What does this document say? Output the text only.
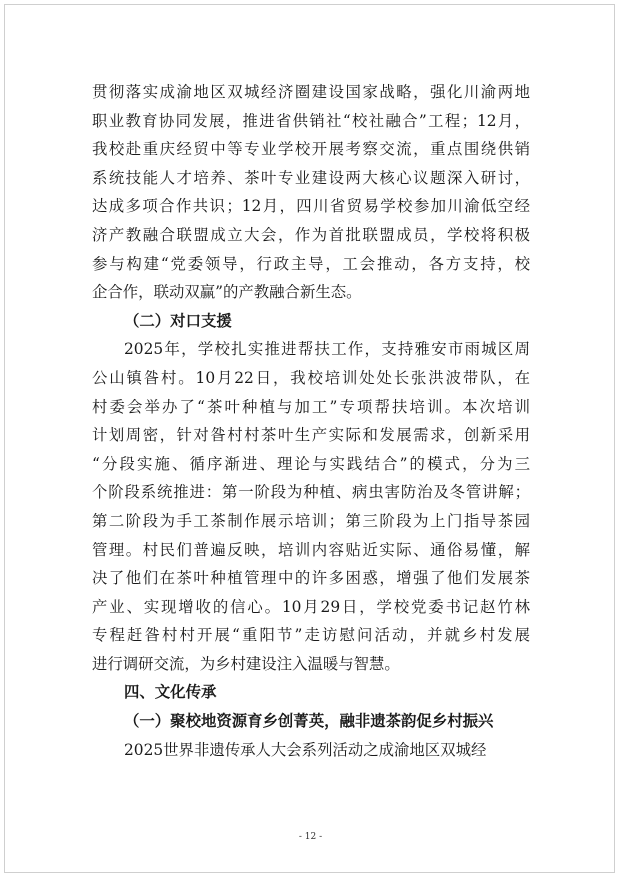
贯彻落实成渝地区双城经济圈建设国家战略，强化川渝两地
职业教育协同发展，推进省供销社“校社融合”工程；12月，
我校赴重庆经贸中等专业学校开展考察交流，重点围绕供销
系统技能人才培养、茶叶专业建设两大核心议题深入研讨，
达成多项合作共识；12月，四川省贸易学校参加川渝低空经
济产教融合联盟成立大会，作为首批联盟成员，学校将积极
参与构建“党委领导，行政主导，工会推动，各方支持，校
企合作，联动双赢”的产教融合新生态。
（二）对口支援
2025年，学校扎实推进帮扶工作，支持雅安市雨城区周
公山镇昝村。10月22日，我校培训处处长张洪波带队，在
村委会举办了“茶叶种植与加工”专项帮扶培训。本次培训
计划周密，针对昝村村茶叶生产实际和发展需求，创新采用
“分段实施、循序渐进、理论与实践结合”的模式，分为三
个阶段系统推进：第一阶段为种植、病虫害防治及冬管讲解；
第二阶段为手工茶制作展示培训；第三阶段为上门指导茶园
管理。村民们普遍反映，培训内容贴近实际、通俗易懂，解
决了他们在茶叶种植管理中的许多困惑，增强了他们发展茶
产业、实现增收的信心。10月29日，学校党委书记赵竹林
专程赶昝村村开展“重阳节”走访慰问活动，并就乡村发展
进行调研交流，为乡村建设注入温暖与智慧。
四、文化传承
（一）聚校地资源育乡创菁英，融非遗茶韵促乡村振兴
2025世界非遗传承人大会系列活动之成渝地区双城经
- 12 -
